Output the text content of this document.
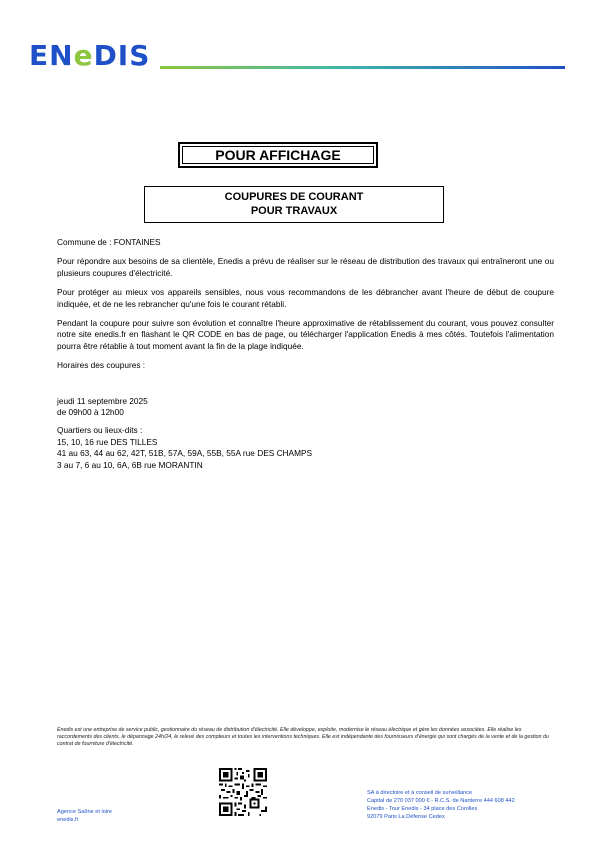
ENeDIS
POUR AFFICHAGE
COUPURES DE COURANT
POUR TRAVAUX

Commune de : FONTAINES

Pour répondre aux besoins de sa clientèle, Enedis a prévu de réaliser sur le réseau de distribution des travaux qui entraîneront une ou plusieurs coupures d'électricité.

Pour protéger au mieux vos appareils sensibles, nous vous recommandons de les débrancher avant l'heure de début de coupure indiquée, et de ne les rebrancher qu'une fois le courant rétabli.

Pendant la coupure pour suivre son évolution et connaître l'heure approximative de rétablissement du courant, vous pouvez consulter notre site enedis.fr en flashant le QR CODE en bas de page, ou télécharger l'application Enedis à mes côtés. Toutefois l'alimentation pourra être rétablie à tout moment avant la fin de la plage indiquée.

Horaires des coupures :

jeudi 11 septembre 2025
de 09h00 à 12h00
Quartiers ou lieux-dits :
15, 10, 16 rue DES TILLES
41 au 63, 44 au 62, 42T, 51B, 57A, 59A, 55B, 55A rue DES CHAMPS
3 au 7, 6 au 10, 6A, 6B rue MORANTIN
Enedis est une entreprise de service public, gestionnaire du réseau de distribution d'électricité. Elle développe, exploite, modernise le réseau électrique et gère les données associées. Elle réalise les raccordements des clients, le dépannage 24h/24, le relevé des compteurs et toutes les interventions techniques. Elle est indépendante des fournisseurs d'énergie qui sont chargés de la vente et de la gestion du contrat de fourniture d'électricité.
Agence Saône et loire
enedis.fr
SA à directoire et à conseil de surveillance
Capital de 270 037 000 € - R.C.S. de Nanterre 444 608 442
Enedis - Tour Enedis - 34 place des Corolles
92079 Paris La Défense Cedex
